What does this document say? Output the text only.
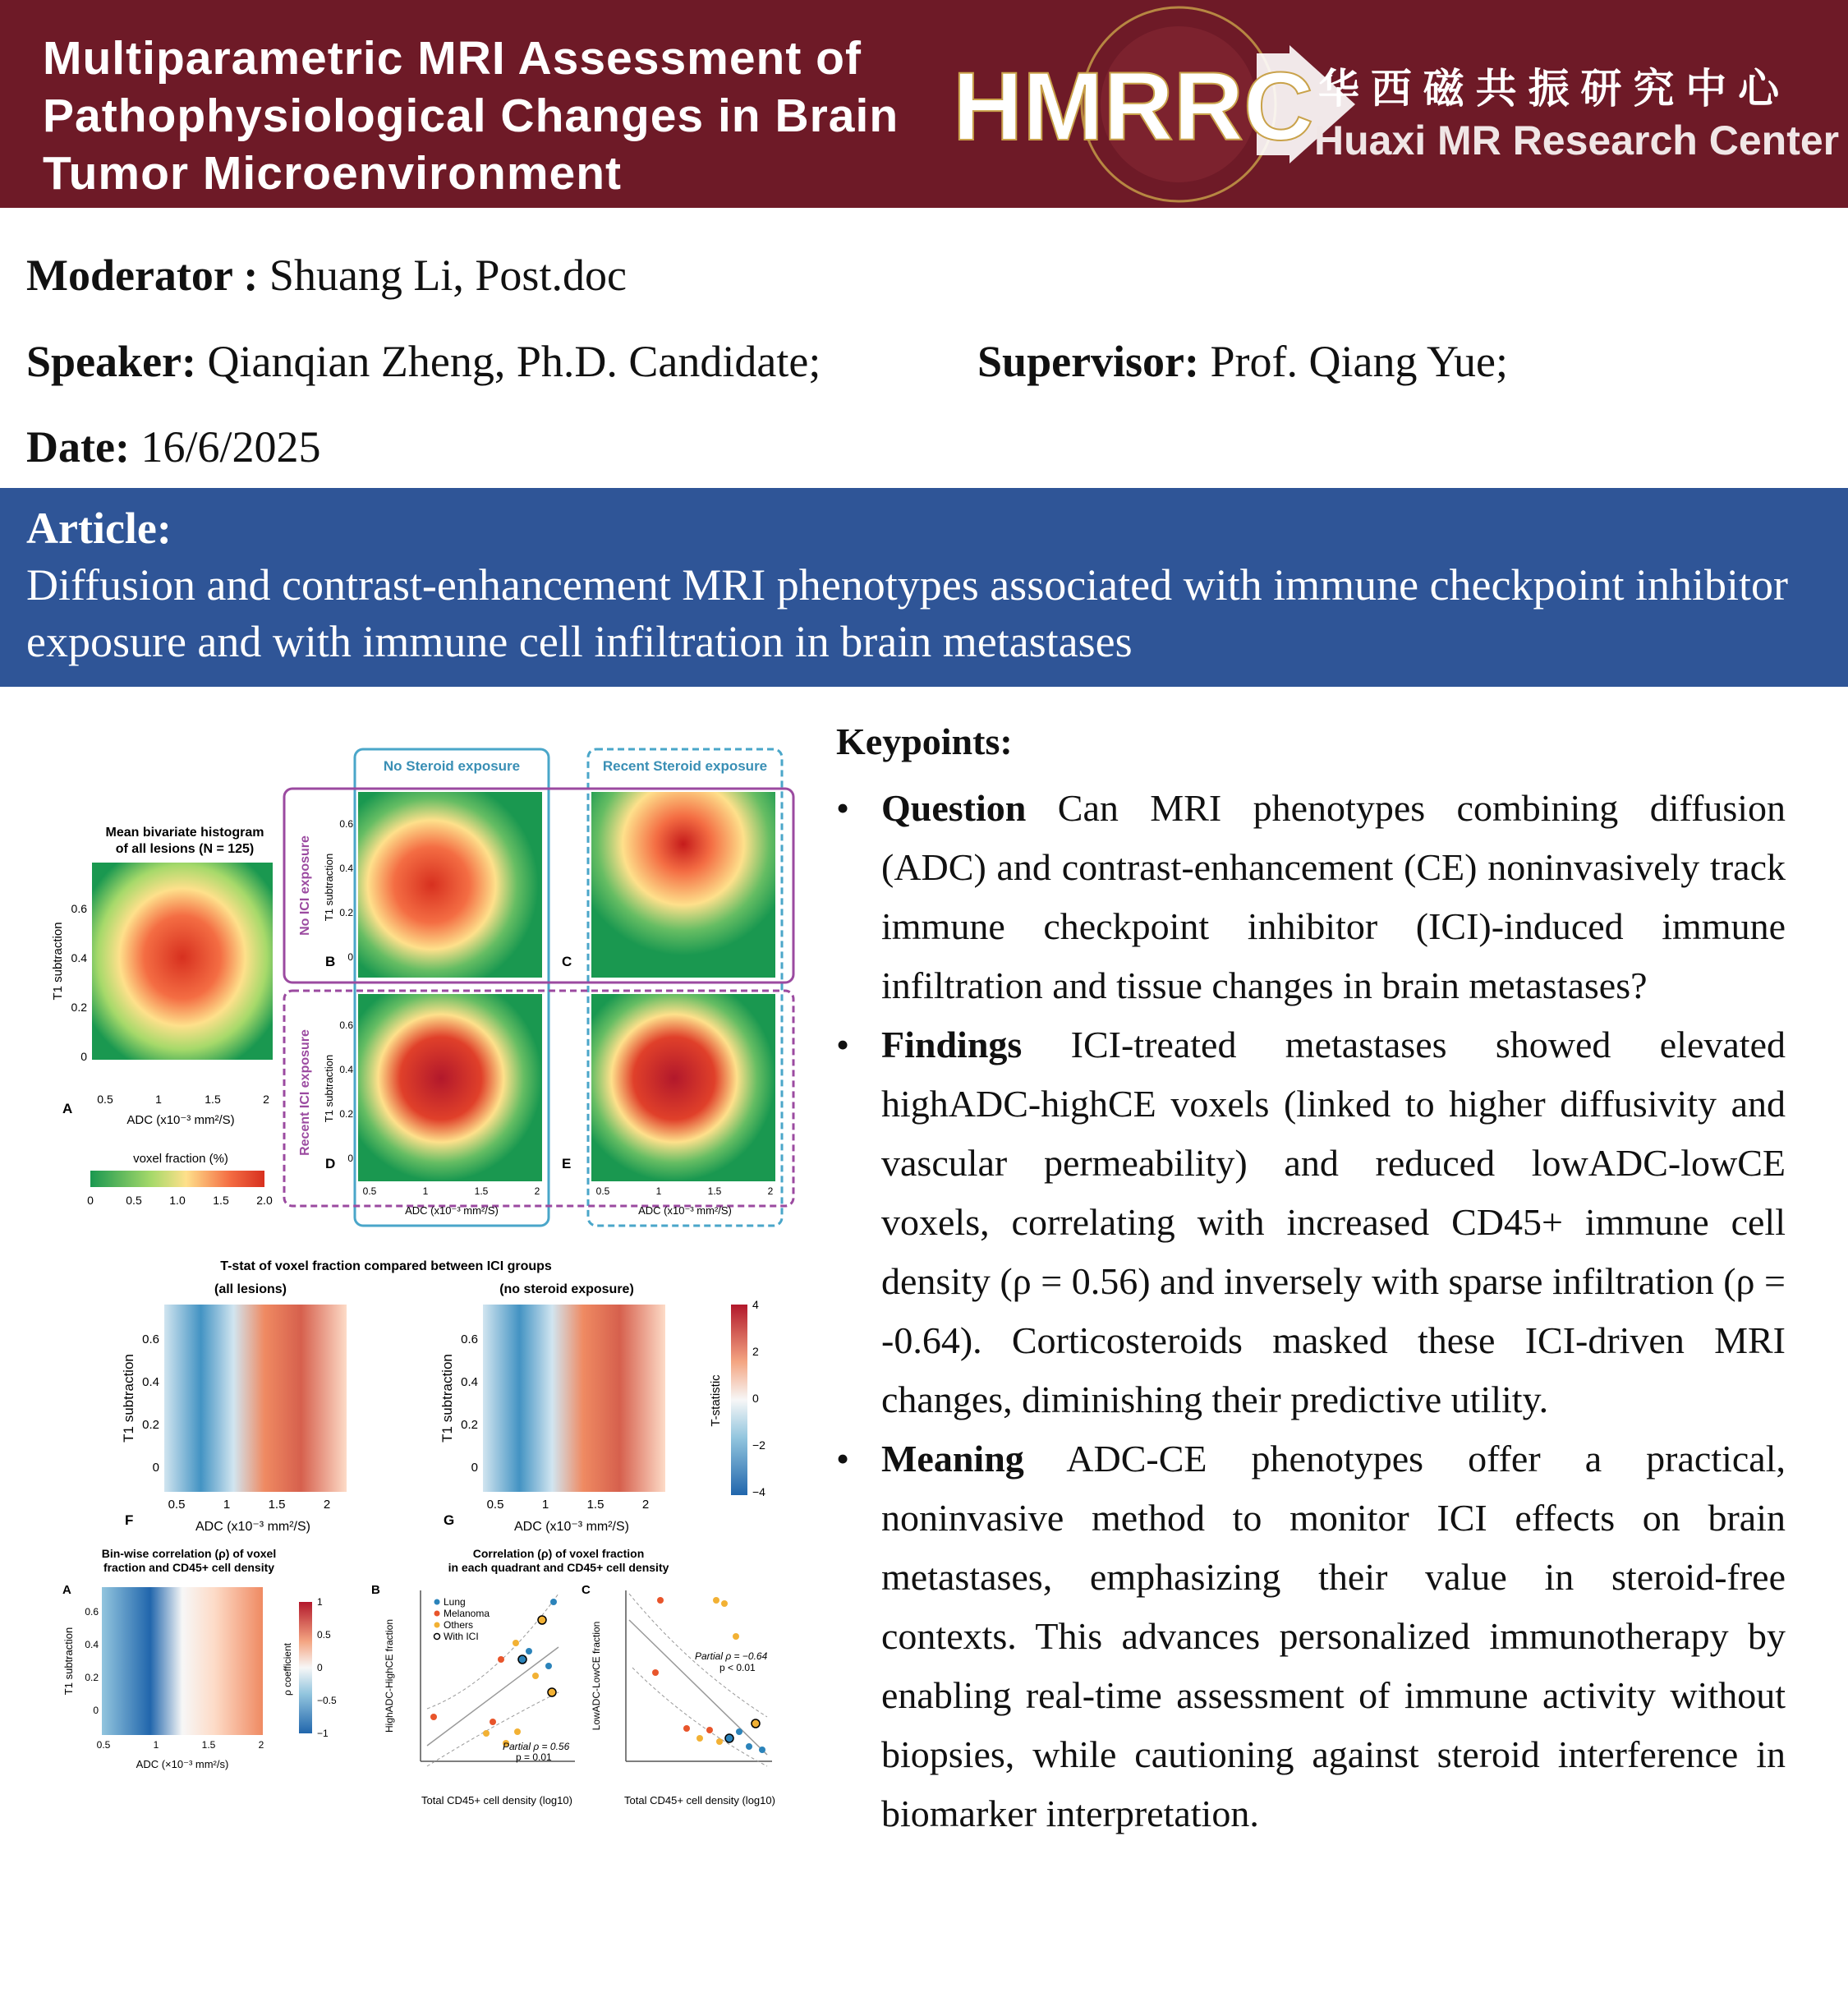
Multiparametric MRI Assessment of
Pathophysiological Changes in Brain
Tumor Microenvironment
HMRRC 华 西 磁 共 振 研 究 中 心
Huaxi MR Research Center
Moderator : Shuang Li, Post.doc
Speaker: Qianqian Zheng, Ph.D. Candidate;	Supervisor: Prof. Qiang Yue;
Date: 16/6/2025
Article:
Diffusion and contrast-enhancement MRI phenotypes associated with immune checkpoint inhibitor exposure and with immune cell infiltration in brain metastases
No Steroid exposure	Recent Steroid exposure
No ICI exposure
Recent ICI exposure
Mean bivariate histogram
of all lesions (N = 125)
T1 subtraction
0.6
0.4
0.2
0
0.5	1	1.5	2
A
ADC (x10⁻³ mm²/S)
voxel fraction (%)
0	0.5 1.0 1.5 2.0
T1 subtraction
T1 subtraction
0.6
0.4
0.2
0
0.6
0.4
0.2
0
B	C
D	E
0.5	1	1.5	2	0.5	1	1.5	2
ADC (x10⁻³ mm²/S)	ADC (x10⁻³ mm²/S)
T-stat of voxel fraction compared between ICI groups
(all lesions)	(no steroid exposure)
T1 subtraction	T1 subtraction
0.6
0.4
0.2
0
0.6
0.4
0.2
0
0.5	1	1.5	2	0.5	1	1.5	2
F	G
ADC (x10⁻³ mm²/S)	ADC (x10⁻³ mm²/S)
T-statistic
4
2
0
−2
−4
Bin-wise correlation (ρ) of voxel
fraction and CD45+ cell density
A
T1 subtraction
0.6
0.4
0.2
0
0.5	1	1.5	2
ADC (×10⁻³ mm²/s)
ρ coefficient
1
0.5
0
−0.5
−1
Correlation (ρ) of voxel fraction
in each quadrant and CD45+ cell density
B	C
Lung
Melanoma
Others
With ICI
Partial ρ = 0.56
p = 0.01
HighADC-HighCE fraction	Partial ρ = −0.64
p < 0.01
LowADC-LowCE fraction
Total CD45+ cell density (log10)	Total CD45+ cell density (log10)
Keypoints:
• Question Can MRI phenotypes combining diffusion (ADC) and contrast-enhancement (CE) noninvasively track immune checkpoint inhibitor (ICI)-induced immune infiltration and tissue changes in brain metastases?
• Findings ICI-treated metastases showed elevated highADC-highCE voxels (linked to higher diffusivity and vascular permeability) and reduced lowADC-lowCE voxels, correlating with increased CD45+ immune cell density (ρ = 0.56) and inversely with sparse infiltration (ρ = -0.64). Corticosteroids masked these ICI-driven MRI changes, diminishing their predictive utility.
• Meaning ADC-CE phenotypes offer a practical, noninvasive method to monitor ICI effects on brain metastases, emphasizing their value in steroid-free contexts. This advances personalized immunotherapy by enabling real-time assessment of immune activity without biopsies, while cautioning against steroid interference in biomarker interpretation.
